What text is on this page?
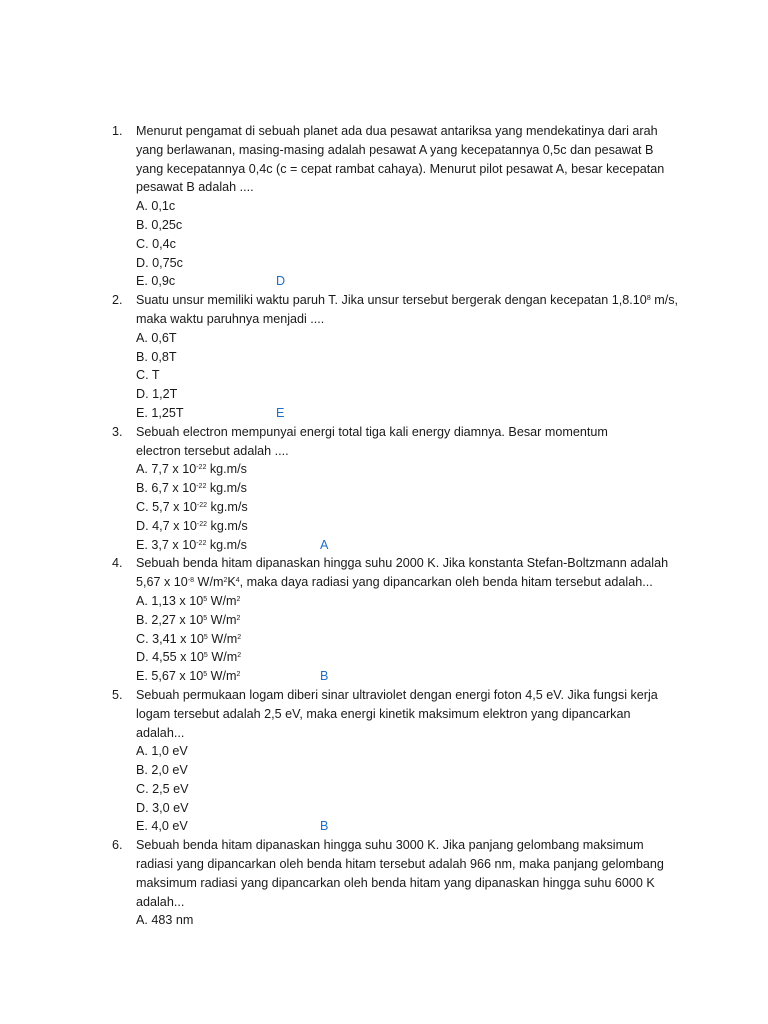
1. Menurut pengamat di sebuah planet ada dua pesawat antariksa yang mendekatinya dari arah yang berlawanan, masing-masing adalah pesawat A yang kecepatannya 0,5c dan pesawat B yang kecepatannya 0,4c (c = cepat rambat cahaya). Menurut pilot pesawat A, besar kecepatan pesawat B adalah ....
A. 0,1c
B. 0,25c
C. 0,4c
D. 0,75c
E. 0,9c	D
2. Suatu unsur memiliki waktu paruh T. Jika unsur tersebut bergerak dengan kecepatan 1,8.10$^8$ m/s, maka waktu paruhnya menjadi ....
A. 0,6T
B. 0,8T
C. T
D. 1,2T
E. 1,25T	E
3. Sebuah electron mempunyai energi total tiga kali energy diamnya. Besar momentum electron tersebut adalah ....
A. 7,7 x $10^{-22}$ kg.m/s
B. 6,7 x $10^{-22}$ kg.m/s
C. 5,7 x $10^{-22}$ kg.m/s
D. 4,7 x $10^{-22}$ kg.m/s
E. 3,7 x $10^{-22}$ kg.m/s	A
4. Sebuah benda hitam dipanaskan hingga suhu 2000 K. Jika konstanta Stefan-Boltzmann adalah 5,67 x $10^{-8}$ $W/m^2K^4$, maka daya radiasi yang dipancarkan oleh benda hitam tersebut adalah...
A. 1,13 x $10^5$ $W/m^2$
B. 2,27 x $10^5$ $W/m^2$
C. 3,41 x $10^5$ $W/m^2$
D. 4,55 x $10^5$ $W/m^2$
E. 5,67 x $10^5$ $W/m^2$	B
5. Sebuah permukaan logam diberi sinar ultraviolet dengan energi foton 4,5 eV. Jika fungsi kerja logam tersebut adalah 2,5 eV, maka energi kinetik maksimum elektron yang dipancarkan adalah...
A. 1,0 eV
B. 2,0 eV
C. 2,5 eV
D. 3,0 eV
E. 4,0 eV	B
6. Sebuah benda hitam dipanaskan hingga suhu 3000 K. Jika panjang gelombang maksimum radiasi yang dipancarkan oleh benda hitam tersebut adalah 966 nm, maka panjang gelombang maksimum radiasi yang dipancarkan oleh benda hitam yang dipanaskan hingga suhu 6000 K adalah...
A. 483 nm
